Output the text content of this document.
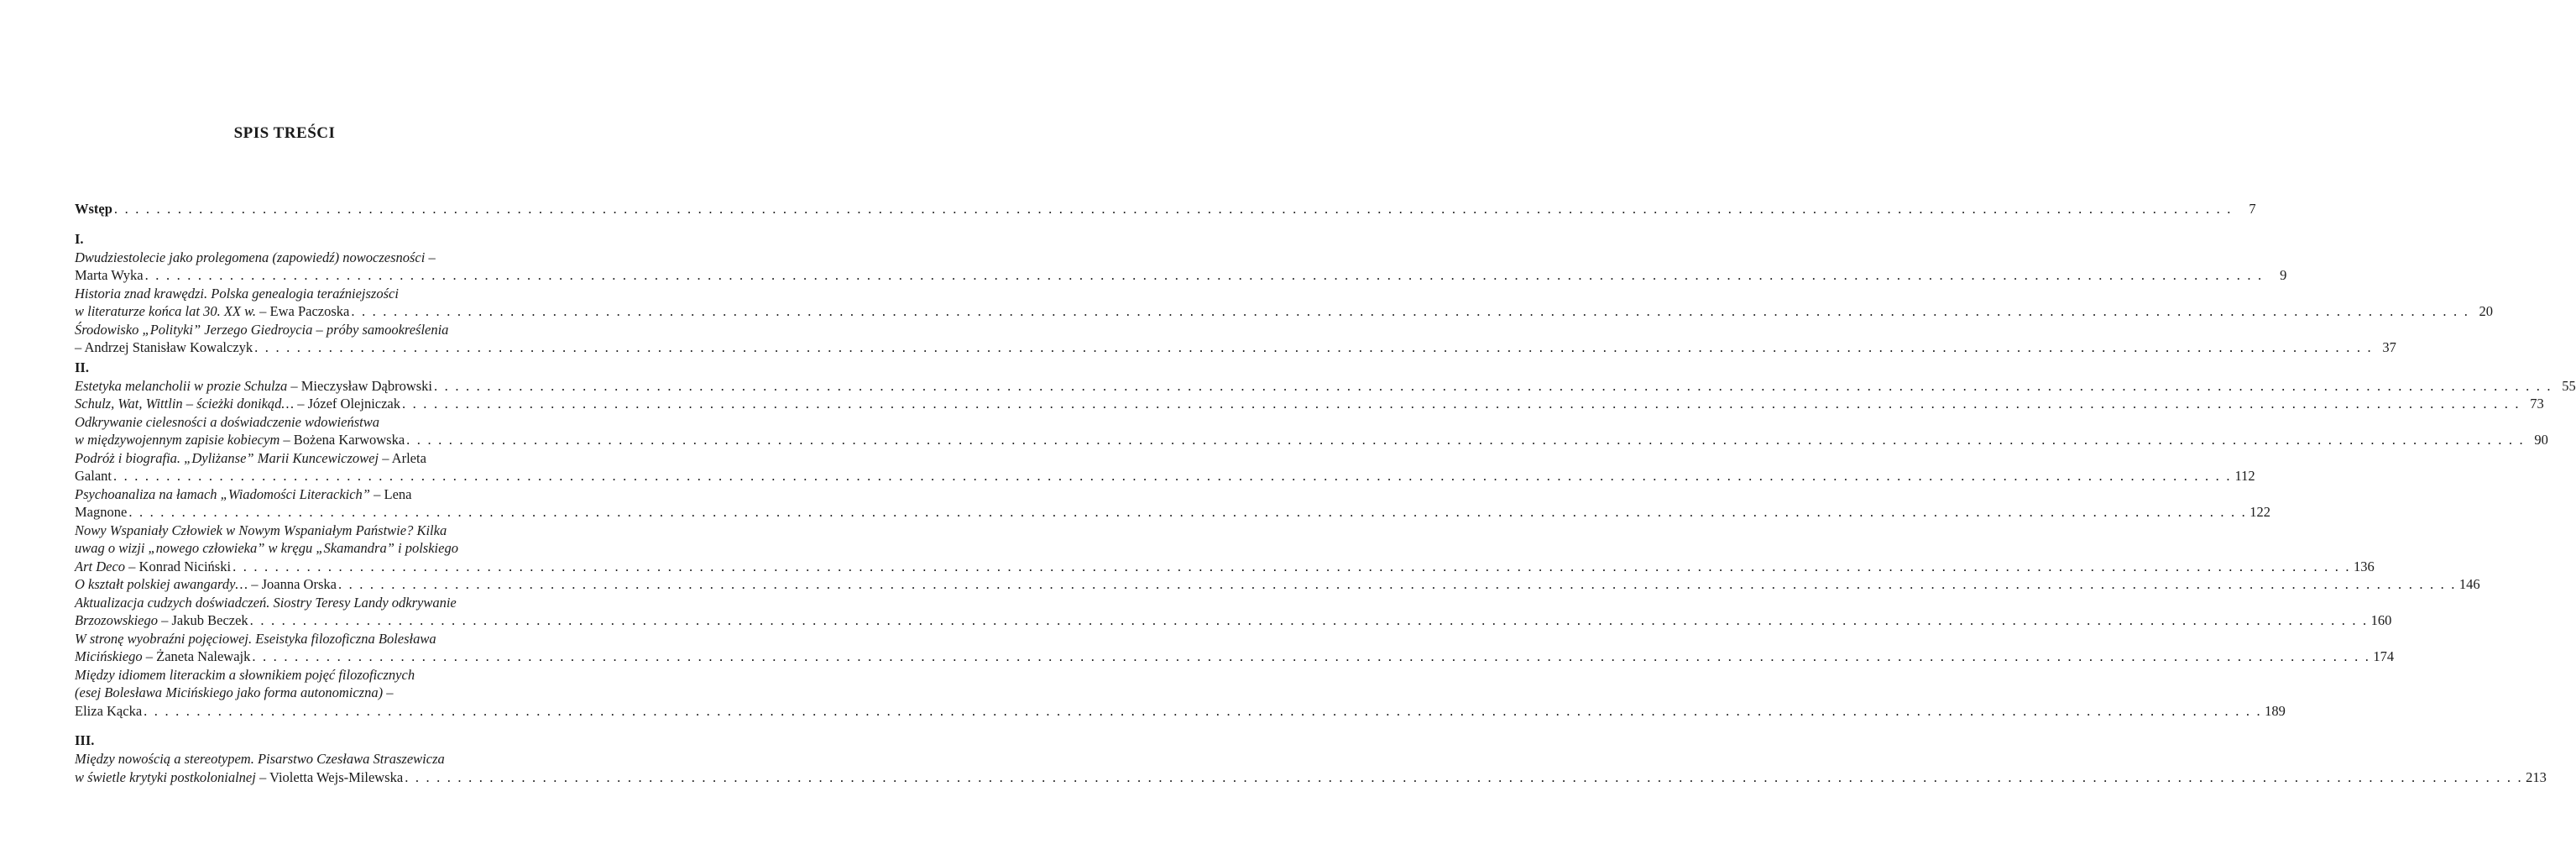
SPIS TREŚCI
Wstęp . . . . . . . . . . . . . . . . . . . . . . . . . . . . . . . . . . . . . . . . . . . . . . . . . . . . . . . . . . . . . . . . . . . . . . . . . . . . . . . . . . . . . . . . . . . . . . . . . . . . . . . . . . . . . . . . . . . . . . . . . . . . . . . . . . . . . . . . . . . . . . . . . . . . . . . . . . . . . . . . . . . . . . . . . . . . . . . . . . . . . . . . . . . . . . . . . . . . . . . .	7
I.
Dwudziestolecie jako prolegomena (zapowiedź) nowoczesności –
Marta Wyka . . . . . . . . . . . . . . . . . . . . . . . . . . . . . . . . . . . . . . . . . . . . . . . . . . . . . . . . . . . . . . . . . . . . . . . . . . . . . . . . . . . . . . . . . . . . . . . . . . . . . . . . . . . . . . . . . . . . . . . . . . . . . . . . . . . . . . . . . . . . . . . . . . . . . . . . . . . . . . . . . . . . . . . . . . . . . . . . . . . . . . . . . . . . . . . . . . . . . . . .	9
Historia znad krawędzi. Polska genealogia teraźniejszości
w literaturze końca lat 30. XX w. – Ewa Paczoska . . . . . . . . . . . . . . . . . . . . . . . . . . . . . . . . . . . . . . . . . . . . . . . . . . . . . . . . . . . . . . . . . . . . . . . . . . . . . . . . . . . . . . . . . . . . . . . . . . . . . . . . . . . . . . . . . . . . . . . . . . . . . . . . . . . . . . . . . . . . . . . . . . . . . . . . . . . . . . . . . . . . . . . . . . . . . . . . . . . . . . . . . . . . . . . . . . . . . . . . 20
Środowisko „Polityki” Jerzego Giedroycia – próby samookreślenia
– Andrzej Stanisław Kowalczyk . . . . . . . . . . . . . . . . . . . . . . . . . . . . . . . . . . . . . . . . . . . . . . . . . . . . . . . . . . . . . . . . . . . . . . . . . . . . . . . . . . . . . . . . . . . . . . . . . . . . . . . . . . . . . . . . . . . . . . . . . . . . . . . . . . . . . . . . . . . . . . . . . . . . . . . . . . . . . . . . . . . . . . . . . . . . . . . . . . . . . . . . . . . . . . . . . . . . . . . . 37
II.
Estetyka melancholii w prozie Schulza – Mieczysław Dąbrowski . . . . . . . . . . . . . . . . . . . . . . . . . . . . . . . . . . . . . . . . . . . . . . . . . . . . . . . . . . . . . . . . . . . . . . . . . . . . . . . . . . . . . . . . . . . . . . . . . . . . . . . . . . . . . . . . . . . . . . . . . . . . . . . . . . . . . . . . . . . . . . . . . . . . . . . . . . . . . . . . . . . . . . . . . . . . . . . . . . . . . . . . . . . . . . . . . . . . . . . . 55
Schulz, Wat, Wittlin – ścieżki donikąd… – Józef Olejniczak . . . . . . . . . . . . . . . . . . . . . . . . . . . . . . . . . . . . . . . . . . . . . . . . . . . . . . . . . . . . . . . . . . . . . . . . . . . . . . . . . . . . . . . . . . . . . . . . . . . . . . . . . . . . . . . . . . . . . . . . . . . . . . . . . . . . . . . . . . . . . . . . . . . . . . . . . . . . . . . . . . . . . . . . . . . . . . . . . . . . . . . . . . . . . . . . . . . . . . . . 73
Odkrywanie cielesności a doświadczenie wdowieństwa
w międzywojennym zapisie kobiecym – Bożena Karwowska . . . . . . . . . . . . . . . . . . . . . . . . . . . . . . . . . . . . . . . . . . . . . . . . . . . . . . . . . . . . . . . . . . . . . . . . . . . . . . . . . . . . . . . . . . . . . . . . . . . . . . . . . . . . . . . . . . . . . . . . . . . . . . . . . . . . . . . . . . . . . . . . . . . . . . . . . . . . . . . . . . . . . . . . . . . . . . . . . . . . . . . . . . . . . . . . . . . . . . . . 90
Podróż i biografia. „Dyliżanse” Marii Kuncewiczowej – Arleta
Galant . . . . . . . . . . . . . . . . . . . . . . . . . . . . . . . . . . . . . . . . . . . . . . . . . . . . . . . . . . . . . . . . . . . . . . . . . . . . . . . . . . . . . . . . . . . . . . . . . . . . . . . . . . . . . . . . . . . . . . . . . . . . . . . . . . . . . . . . . . . . . . . . . . . . . . . . . . . . . . . . . . . . . . . . . . . . . . . . . . . . . . . . . . . . . . . . . . . . . . . . 112
Psychoanaliza na łamach „Wiadomości Literackich” – Lena
Magnone . . . . . . . . . . . . . . . . . . . . . . . . . . . . . . . . . . . . . . . . . . . . . . . . . . . . . . . . . . . . . . . . . . . . . . . . . . . . . . . . . . . . . . . . . . . . . . . . . . . . . . . . . . . . . . . . . . . . . . . . . . . . . . . . . . . . . . . . . . . . . . . . . . . . . . . . . . . . . . . . . . . . . . . . . . . . . . . . . . . . . . . . . . . . . . . . . . . . . . . . 122
Nowy Wspaniały Człowiek w Nowym Wspaniałym Państwie? Kilka
uwag o wizji „nowego człowieka” w kręgu „Skamandra” i polskiego
Art Deco – Konrad Niciński . . . . . . . . . . . . . . . . . . . . . . . . . . . . . . . . . . . . . . . . . . . . . . . . . . . . . . . . . . . . . . . . . . . . . . . . . . . . . . . . . . . . . . . . . . . . . . . . . . . . . . . . . . . . . . . . . . . . . . . . . . . . . . . . . . . . . . . . . . . . . . . . . . . . . . . . . . . . . . . . . . . . . . . . . . . . . . . . . . . . . . . . . . . . . . . . . . . . . . . . 136
O kształt polskiej awangardy… – Joanna Orska . . . . . . . . . . . . . . . . . . . . . . . . . . . . . . . . . . . . . . . . . . . . . . . . . . . . . . . . . . . . . . . . . . . . . . . . . . . . . . . . . . . . . . . . . . . . . . . . . . . . . . . . . . . . . . . . . . . . . . . . . . . . . . . . . . . . . . . . . . . . . . . . . . . . . . . . . . . . . . . . . . . . . . . . . . . . . . . . . . . . . . . . . . . . . . . . . . . . . . . . 146
Aktualizacja cudzych doświadczeń. Siostry Teresy Landy odkrywanie
Brzozowskiego – Jakub Beczek . . . . . . . . . . . . . . . . . . . . . . . . . . . . . . . . . . . . . . . . . . . . . . . . . . . . . . . . . . . . . . . . . . . . . . . . . . . . . . . . . . . . . . . . . . . . . . . . . . . . . . . . . . . . . . . . . . . . . . . . . . . . . . . . . . . . . . . . . . . . . . . . . . . . . . . . . . . . . . . . . . . . . . . . . . . . . . . . . . . . . . . . . . . . . . . . . . . . . . . . 160
W stronę wyobraźni pojęciowej. Eseistyka filozoficzna Bolesława
Micińskiego – Żaneta Nalewajk . . . . . . . . . . . . . . . . . . . . . . . . . . . . . . . . . . . . . . . . . . . . . . . . . . . . . . . . . . . . . . . . . . . . . . . . . . . . . . . . . . . . . . . . . . . . . . . . . . . . . . . . . . . . . . . . . . . . . . . . . . . . . . . . . . . . . . . . . . . . . . . . . . . . . . . . . . . . . . . . . . . . . . . . . . . . . . . . . . . . . . . . . . . . . . . . . . . . . . . . 174
Między idiomem literackim a słownikiem pojęć filozoficznych
(esej Bolesława Micińskiego jako forma autonomiczna) –
Eliza Kącka . . . . . . . . . . . . . . . . . . . . . . . . . . . . . . . . . . . . . . . . . . . . . . . . . . . . . . . . . . . . . . . . . . . . . . . . . . . . . . . . . . . . . . . . . . . . . . . . . . . . . . . . . . . . . . . . . . . . . . . . . . . . . . . . . . . . . . . . . . . . . . . . . . . . . . . . . . . . . . . . . . . . . . . . . . . . . . . . . . . . . . . . . . . . . . . . . . . . . . . . 189
III.
Między nowością a stereotypem. Pisarstwo Czesława Straszewicza
w świetle krytyki postkolonialnej – Violetta Wejs-Milewska . . . . . . . . . . . . . . . . . . . . . . . . . . . . . . . . . . . . . . . . . . . . . . . . . . . . . . . . . . . . . . . . . . . . . . . . . . . . . . . . . . . . . . . . . . . . . . . . . . . . . . . . . . . . . . . . . . . . . . . . . . . . . . . . . . . . . . . . . . . . . . . . . . . . . . . . . . . . . . . . . . . . . . . . . . . . . . . . . . . . . . . . . . . . . . . . . . . . . . . . 213
